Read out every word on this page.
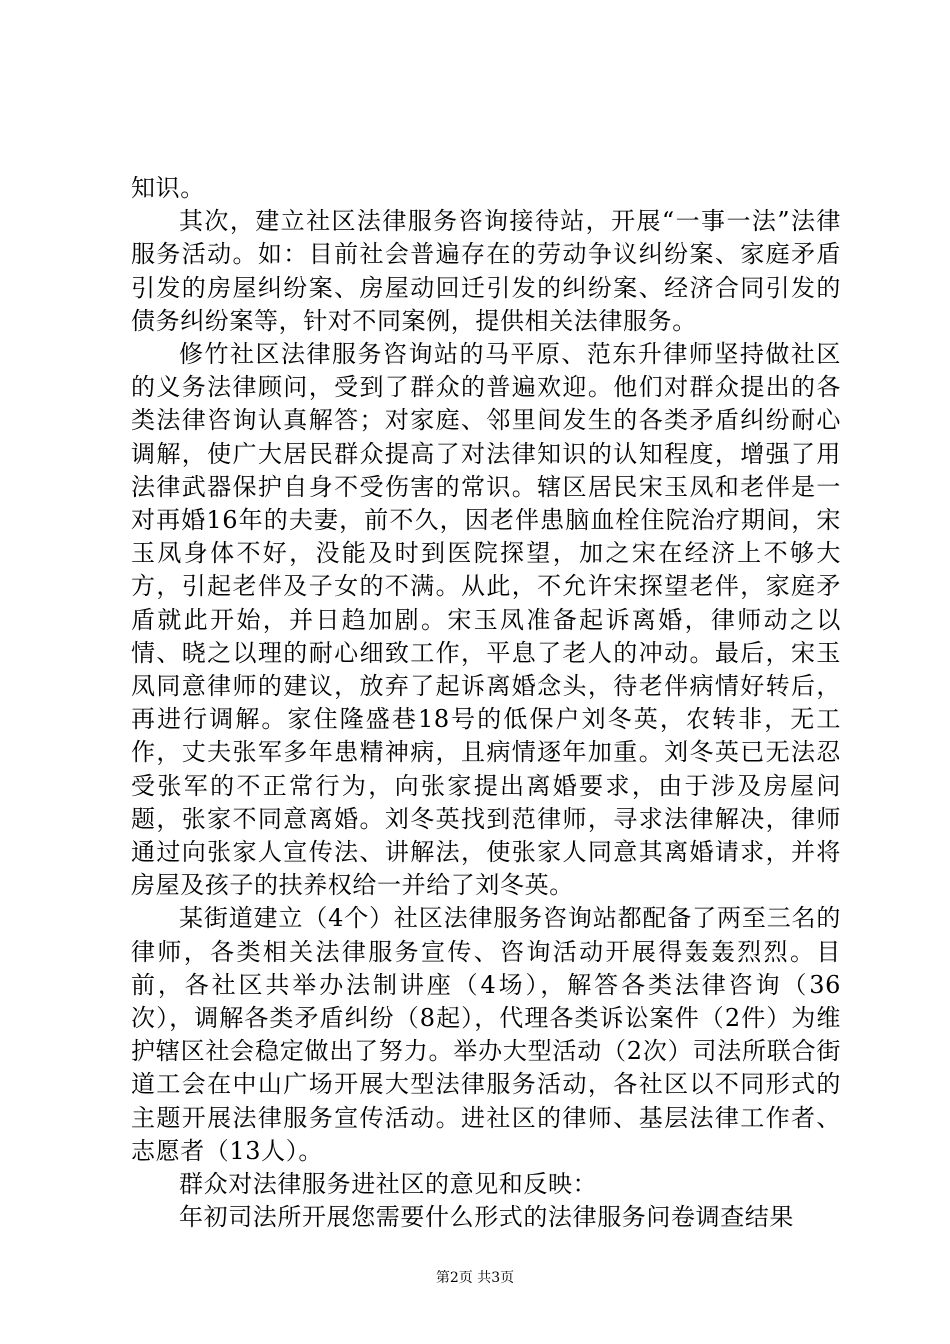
知识。

其次，建立社区法律服务咨询接待站，开展“一事一法”法律服务活动。如：目前社会普遍存在的劳动争议纠纷案、家庭矛盾引发的房屋纠纷案、房屋动回迁引发的纠纷案、经济合同引发的债务纠纷案等，针对不同案例，提供相关法律服务。

修竹社区法律服务咨询站的马平原、范东升律师坚持做社区的义务法律顾问，受到了群众的普遍欢迎。他们对群众提出的各类法律咨询认真解答；对家庭、邻里间发生的各类矛盾纠纷耐心调解，使广大居民群众提高了对法律知识的认知程度，增强了用法律武器保护自身不受伤害的常识。辖区居民宋玉凤和老伴是一对再婚16年的夫妻，前不久，因老伴患脑血栓住院治疗期间，宋玉凤身体不好，没能及时到医院探望，加之宋在经济上不够大方，引起老伴及子女的不满。从此，不允许宋探望老伴，家庭矛盾就此开始，并日趋加剧。宋玉凤准备起诉离婚，律师动之以情、晓之以理的耐心细致工作，平息了老人的冲动。最后，宋玉凤同意律师的建议，放弃了起诉离婚念头，待老伴病情好转后，再进行调解。家住隆盛巷18号的低保户刘冬英，农转非，无工作，丈夫张军多年患精神病，且病情逐年加重。刘冬英已无法忍受张军的不正常行为，向张家提出离婚要求，由于涉及房屋问题，张家不同意离婚。刘冬英找到范律师，寻求法律解决，律师通过向张家人宣传法、讲解法，使张家人同意其离婚请求，并将房屋及孩子的扶养权给一并给了刘冬英。

某街道建立（4个）社区法律服务咨询站都配备了两至三名的律师，各类相关法律服务宣传、咨询活动开展得轰轰烈烈。目前，各社区共举办法制讲座（4场），解答各类法律咨询（36次），调解各类矛盾纠纷（8起），代理各类诉讼案件（2件）为维护辖区社会稳定做出了努力。举办大型活动（2次）司法所联合街道工会在中山广场开展大型法律服务活动，各社区以不同形式的主题开展法律服务宣传活动。进社区的律师、基层法律工作者、志愿者（13人）。

群众对法律服务进社区的意见和反映：

年初司法所开展您需要什么形式的法律服务问卷调查结果

第2页 共3页
